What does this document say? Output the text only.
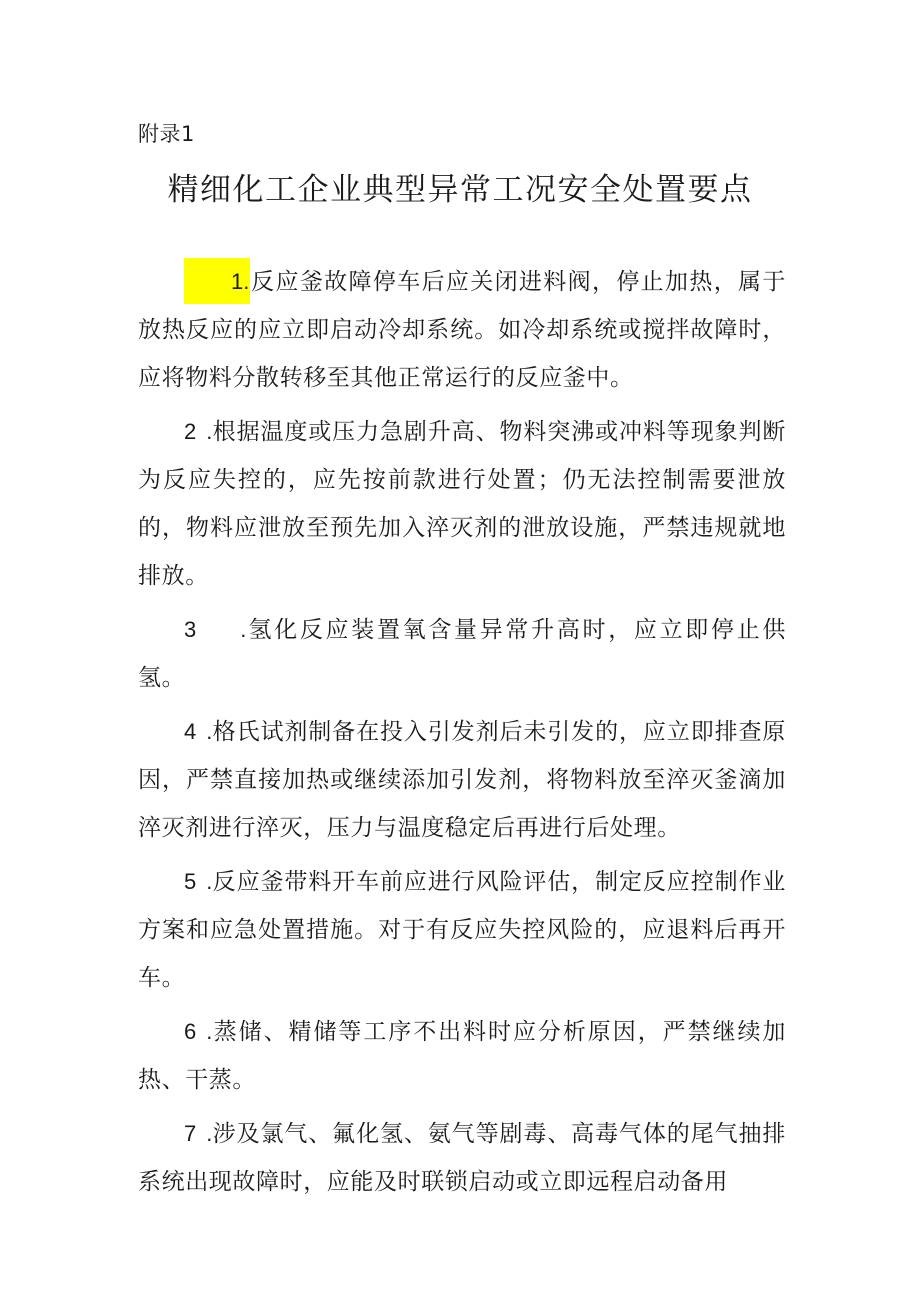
附录1
精细化工企业典型异常工况安全处置要点

1.反应釜故障停车后应关闭进料阀，停止加热，属于放热反应的应立即启动冷却系统。如冷却系统或搅拌故障时，应将物料分散转移至其他正常运行的反应釜中。

2 .根据温度或压力急剧升高、物料突沸或冲料等现象判断为反应失控的，应先按前款进行处置；仍无法控制需要泄放的，物料应泄放至预先加入淬灭剂的泄放设施，严禁违规就地排放。

3 .氢化反应装置氧含量异常升高时，应立即停止供氢。

4 .格氏试剂制备在投入引发剂后未引发的，应立即排查原因，严禁直接加热或继续添加引发剂，将物料放至淬灭釜滴加淬灭剂进行淬灭，压力与温度稳定后再进行后处理。

5 .反应釜带料开车前应进行风险评估，制定反应控制作业方案和应急处置措施。对于有反应失控风险的，应退料后再开车。

6 .蒸储、精储等工序不出料时应分析原因，严禁继续加热、干蒸。

7 .涉及氯气、氟化氢、氨气等剧毒、高毒气体的尾气抽排系统出现故障时，应能及时联锁启动或立即远程启动备用
